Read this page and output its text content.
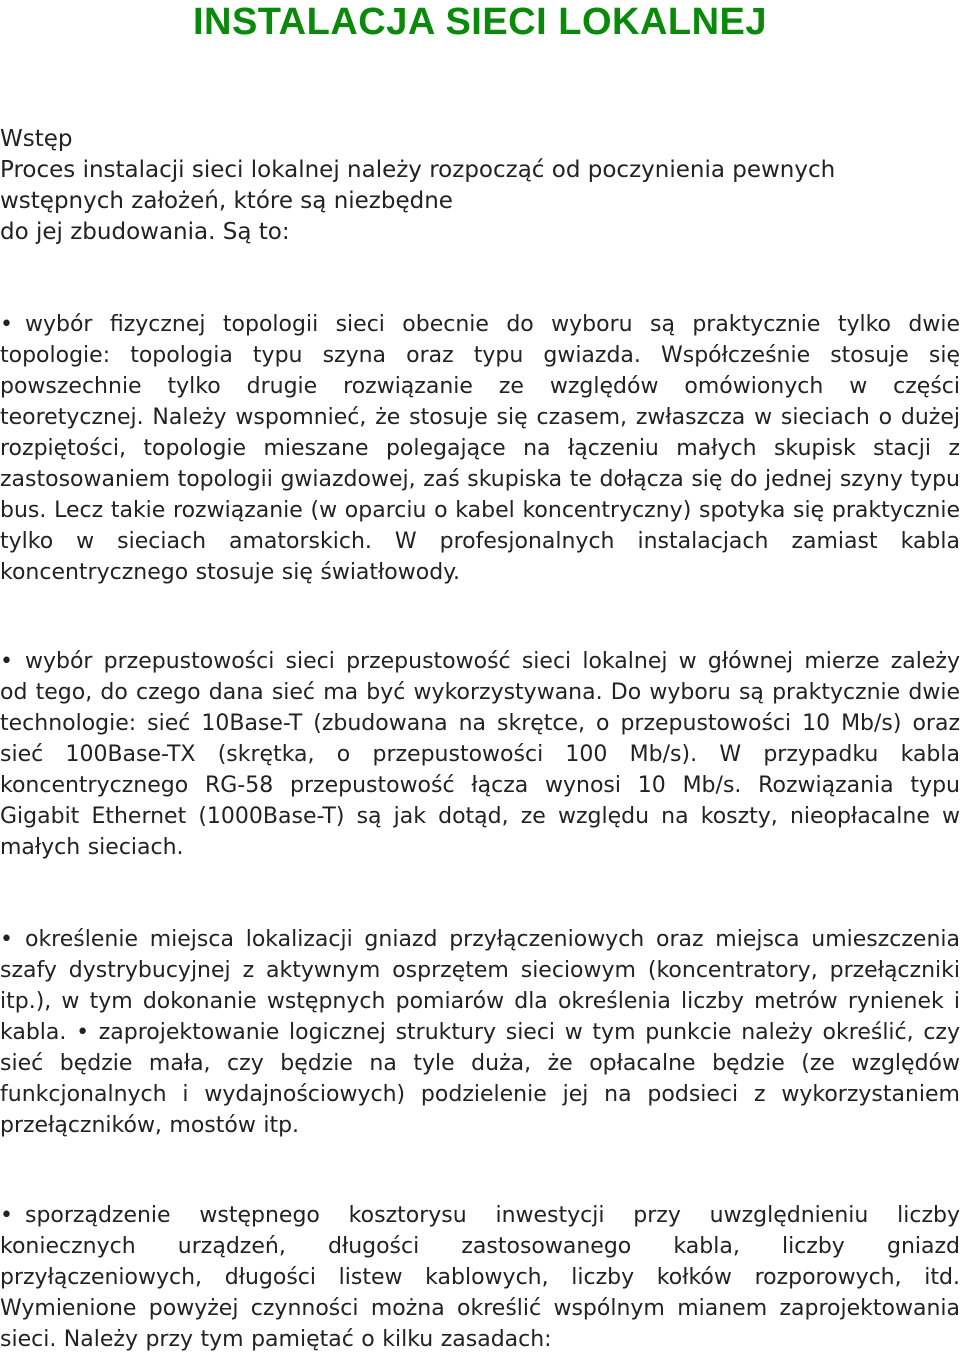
INSTALACJA SIECI LOKALNEJ
Wstęp
Proces instalacji sieci lokalnej należy rozpocząć od poczynienia pewnych
wstępnych założeń, które są niezbędne
do jej zbudowania. Są to:

• wybór fizycznej topologii sieci obecnie do wyboru są praktycznie tylko dwie topologie: topologia typu szyna oraz typu gwiazda. Współcześnie stosuje się powszechnie tylko drugie rozwiązanie ze względów omówionych w części teoretycznej. Należy wspomnieć, że stosuje się czasem, zwłaszcza w sieciach o dużej rozpiętości, topologie mieszane polegające na łączeniu małych skupisk stacji z zastosowaniem topologii gwiazdowej, zaś skupiska te dołącza się do jednej szyny typu bus. Lecz takie rozwiązanie (w oparciu o kabel koncentryczny) spotyka się praktycznie tylko w sieciach amatorskich. W profesjonalnych instalacjach zamiast kabla koncentrycznego stosuje się światłowody.

• wybór przepustowości sieci przepustowość sieci lokalnej w głównej mierze zależy od tego, do czego dana sieć ma być wykorzystywana. Do wyboru są praktycznie dwie technologie: sieć 10Base-T (zbudowana na skrętce, o przepustowości 10 Mb/s) oraz sieć 100Base-TX (skrętka, o przepustowości 100 Mb/s). W przypadku kabla koncentrycznego RG-58 przepustowość łącza wynosi 10 Mb/s. Rozwiązania typu Gigabit Ethernet (1000Base-T) są jak dotąd, ze względu na koszty, nieopłacalne w małych sieciach.

• określenie miejsca lokalizacji gniazd przyłączeniowych oraz miejsca umieszczenia szafy dystrybucyjnej z aktywnym osprzętem sieciowym (koncentratory, przełączniki itp.), w tym dokonanie wstępnych pomiarów dla określenia liczby metrów rynienek i kabla. • zaprojektowanie logicznej struktury sieci w tym punkcie należy określić, czy sieć będzie mała, czy będzie na tyle duża, że opłacalne będzie (ze względów funkcjonalnych i wydajnościowych) podzielenie jej na podsieci z wykorzystaniem przełączników, mostów itp.

• sporządzenie wstępnego kosztorysu inwestycji przy uwzględnieniu liczby koniecznych urządzeń, długości zastosowanego kabla, liczby gniazd przyłączeniowych, długości listew kablowych, liczby kołków rozporowych, itd. Wymienione powyżej czynności można określić wspólnym mianem zaprojektowania sieci. Należy przy tym pamiętać o kilku zasadach:
